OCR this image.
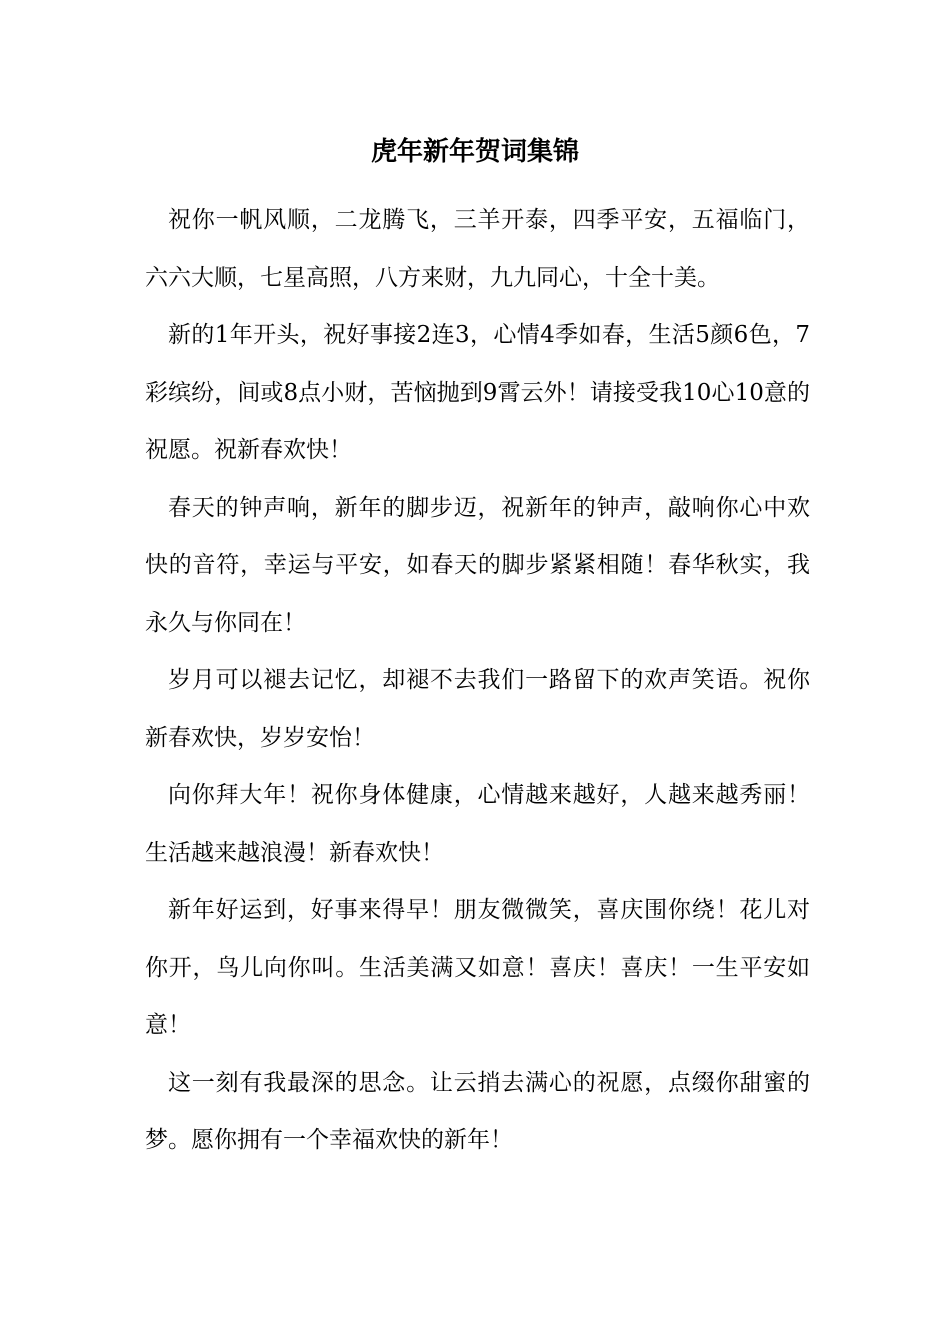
虎年新年贺词集锦

祝你一帆风顺，二龙腾飞，三羊开泰，四季平安，五福临门，六六大顺，七星高照，八方来财，九九同心，十全十美。

新的1年开头，祝好事接2连3，心情4季如春，生活5颜6色，7彩缤纷，间或8点小财，苦恼抛到9霄云外！请接受我10心10意的祝愿。祝新春欢快！

春天的钟声响，新年的脚步迈，祝新年的钟声，敲响你心中欢快的音符，幸运与平安，如春天的脚步紧紧相随！春华秋实，我永久与你同在！

岁月可以褪去记忆，却褪不去我们一路留下的欢声笑语。祝你新春欢快，岁岁安怡！

向你拜大年！祝你身体健康，心情越来越好，人越来越秀丽！生活越来越浪漫！新春欢快！

新年好运到，好事来得早！朋友微微笑，喜庆围你绕！花儿对你开，鸟儿向你叫。生活美满又如意！喜庆！喜庆！一生平安如意！

这一刻有我最深的思念。让云捎去满心的祝愿，点缀你甜蜜的梦。愿你拥有一个幸福欢快的新年！
